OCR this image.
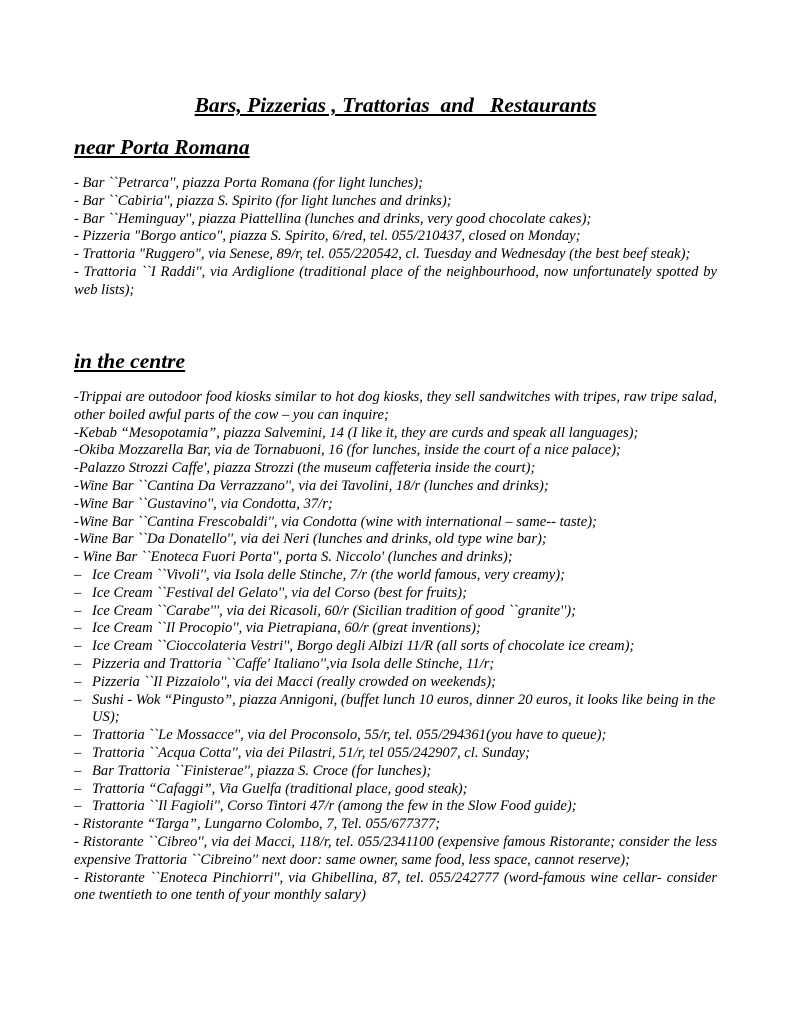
Bars, Pizzerias , Trattorias  and   Restaurants
near Porta Romana
- Bar ``Petrarca'', piazza Porta Romana (for light lunches);
- Bar ``Cabiria'', piazza S. Spirito (for light lunches and drinks);
- Bar ``Heminguay'', piazza Piattellina (lunches and drinks, very good chocolate cakes);
- Pizzeria "Borgo antico", piazza S. Spirito, 6/red, tel. 055/210437, closed on Monday;
- Trattoria "Ruggero", via Senese, 89/r, tel. 055/220542, cl. Tuesday and Wednesday (the best beef steak);
- Trattoria ``I Raddi'', via Ardiglione (traditional place of the neighbourhood, now unfortunately spotted by web lists);
in the centre
-Trippai are outodoor food kiosks similar to hot dog kiosks, they sell sandwitches with tripes, raw tripe salad, other boiled awful parts of the cow – you can inquire;
-Kebab “Mesopotamia”, piazza Salvemini, 14 (I like it, they are curds and speak all languages);
-Okiba Mozzarella Bar, via de Tornabuoni, 16 (for lunches, inside the court of a nice palace);
-Palazzo Strozzi Caffe', piazza Strozzi (the museum caffeteria inside the court);
-Wine Bar ``Cantina Da Verrazzano'', via dei Tavolini, 18/r (lunches and drinks);
-Wine Bar ``Gustavino'', via Condotta, 37/r;
-Wine Bar ``Cantina Frescobaldi'', via Condotta (wine with international – same-- taste);
-Wine Bar ``Da Donatello'', via dei Neri (lunches and drinks, old type wine bar);
- Wine Bar ``Enoteca Fuori Porta'', porta S. Niccolo' (lunches and drinks);
– Ice Cream ``Vivoli'', via Isola delle Stinche, 7/r (the world famous, very creamy);
– Ice Cream ``Festival del Gelato'', via del Corso (best for fruits);
– Ice Cream ``Carabe''', via dei Ricasoli, 60/r (Sicilian tradition of good ``granite'');
– Ice Cream ``Il Procopio'', via Pietrapiana, 60/r (great inventions);
– Ice Cream ``Cioccolateria Vestri'', Borgo degli Albizi 11/R (all sorts of chocolate ice cream);
– Pizzeria and Trattoria ``Caffe' Italiano'',via Isola delle Stinche, 11/r;
– Pizzeria ``Il Pizzaiolo'', via dei Macci (really crowded on weekends);
– Sushi - Wok “Pingusto”, piazza Annigoni, (buffet lunch 10 euros, dinner 20 euros, it looks like being in the US);
– Trattoria ``Le Mossacce'', via del Proconsolo, 55/r, tel. 055/294361(you have to queue);
– Trattoria ``Acqua Cotta'', via dei Pilastri, 51/r, tel 055/242907, cl. Sunday;
– Bar Trattoria ``Finisterae'', piazza S. Croce (for lunches);
– Trattoria “Cafaggi”, Via Guelfa (traditional place, good steak);
– Trattoria ``Il Fagioli'', Corso Tintori 47/r (among the few in the Slow Food guide);
- Ristorante “Targa”, Lungarno Colombo, 7, Tel. 055/677377;
- Ristorante ``Cibreo'', via dei Macci, 118/r, tel. 055/2341100 (expensive famous Ristorante; consider the less expensive Trattoria ``Cibreino'' next door: same owner, same food, less space, cannot reserve);
- Ristorante ``Enoteca Pinchiorri'', via Ghibellina, 87, tel. 055/242777 (word-famous wine cellar- consider one twentieth to one tenth of your monthly salary)
